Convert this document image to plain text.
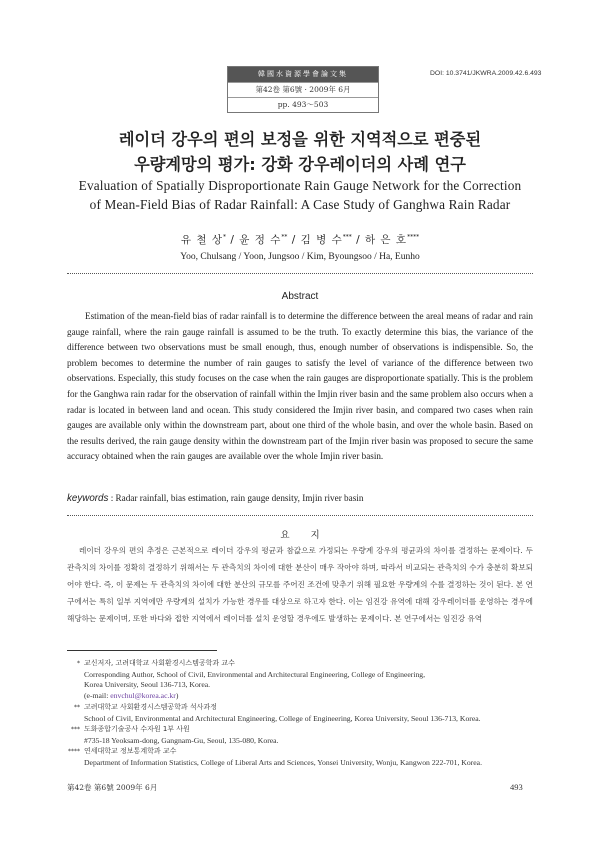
韓國水資源學會論文集
第42卷 第6號 · 2009年 6月
pp. 493～503
DOI: 10.3741/JKWRA.2009.42.6.493
레이더 강우의 편의 보정을 위한 지역적으로 편중된
우량계망의 평가: 강화 강우레이더의 사례 연구
Evaluation of Spatially Disproportionate Rain Gauge Network for the Correction
of Mean-Field Bias of Radar Rainfall: A Case Study of Ganghwa Rain Radar
유 철 상* / 윤 정 수** / 김 병 수*** / 하 은 호****
Yoo, Chulsang / Yoon, Jungsoo / Kim, Byoungsoo / Ha, Eunho
Abstract
Estimation of the mean-field bias of radar rainfall is to determine the difference between the areal means of radar and rain gauge rainfall, where the rain gauge rainfall is assumed to be the truth. To exactly determine this bias, the variance of the difference between two observations must be small enough, thus, enough number of observations is indispensible. So, the problem becomes to determine the number of rain gauges to satisfy the level of variance of the difference between two observations. Especially, this study focuses on the case when the rain gauges are disproportionate spatially. This is the problem for the Ganghwa rain radar for the observation of rainfall within the Imjin river basin and the same problem also occurs when a radar is located in between land and ocean. This study considered the Imjin river basin, and compared two cases when rain gauges are available only within the downstream part, about one third of the whole basin, and over the whole basin. Based on the results derived, the rain gauge density within the downstream part of the Imjin river basin was proposed to secure the same accuracy obtained when the rain gauges are available over the whole Imjin river basin.
keywords : Radar rainfall, bias estimation, rain gauge density, Imjin river basin
요 지
레이더 강우의 편의 추정은 근본적으로 레이더 강우의 평균과 참값으로 가정되는 우량계 강우의 평균과의 차이를 결정하는 문제이다. 두 관측치의 차이를 정확히 결정하기 위해서는 두 관측치의 차이에 대한 분산이 매우 작아야 하며, 따라서 비교되는 관측치의 수가 충분히 확보되어야 한다. 즉, 이 문제는 두 관측치의 차이에 대한 분산의 규모를 주어진 조건에 맞추기 위해 필요한 우량계의 수를 결정하는 것이 된다. 본 연구에서는 특히 일부 지역에만 우량계의 설치가 가능한 경우를 대상으로 하고자 한다. 이는 임진강 유역에 대해 강우레이더를 운영하는 경우에 해당하는 문제이며, 또한 바다와 접한 지역에서 레이더를 설치 운영할 경우에도 발생하는 문제이다. 본 연구에서는 임진강 유역
* 교신저자, 고려대학교 사회환경시스템공학과 교수
Corresponding Author, School of Civil, Environmental and Architectural Engineering, College of Engineering,
Korea University, Seoul 136-713, Korea.
(e-mail: envchul@korea.ac.kr)
** 고려대학교 사회환경시스템공학과 석사과정
School of Civil, Environmental and Architectural Engineering, College of Engineering, Korea University, Seoul 136-713, Korea.
*** 도화종합기술공사 수자원 1부 사원
#735-18 Yeoksam-dong, Gangnam-Gu, Seoul, 135-080, Korea.
**** 연세대학교 정보통계학과 교수
Department of Information Statistics, College of Liberal Arts and Sciences, Yonsei University, Wonju, Kangwon 222-701, Korea.
第42卷 第6號 2009年 6月	493
